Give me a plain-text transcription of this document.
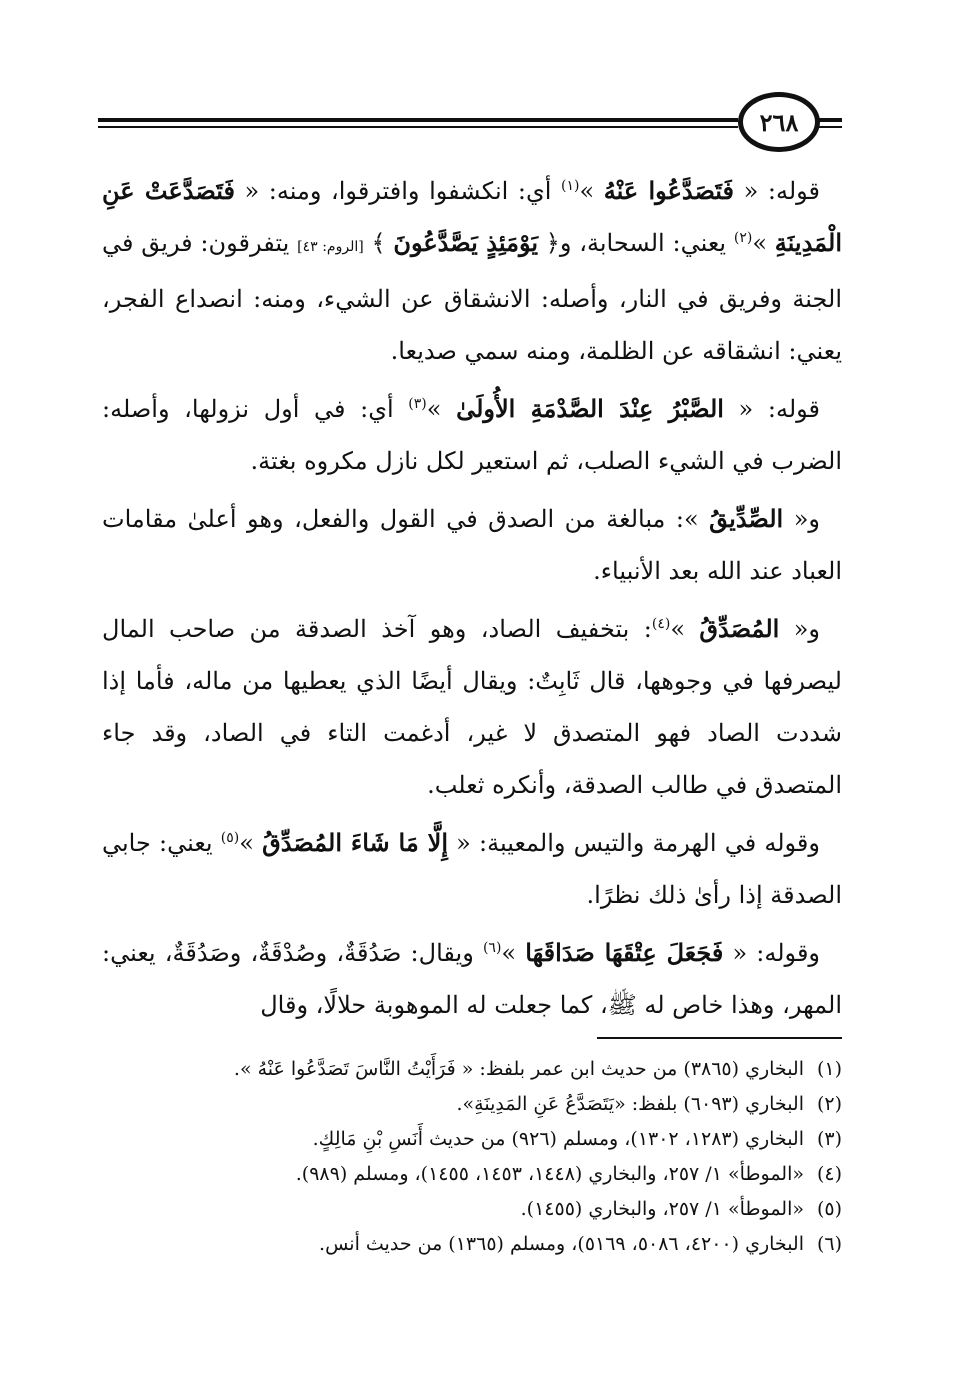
٢٦٨

قوله: « فَتَصَدَّعُوا عَنْهُ »$^{(١)}$ أي: انكشفوا وافترقوا، ومنه: « فَتَصَدَّعَتْ عَنِ الْمَدِينَةِ »$^{(٢)}$ يعني: السحابة، و﴿ يَوْمَئِذٍ يَصَّدَّعُونَ ﴾ [الروم: ٤٣] يتفرقون: فريق في الجنة وفريق في النار، وأصله: الانشقاق عن الشيء، ومنه: انصداع الفجر، يعني: انشقاقه عن الظلمة، ومنه سمي صديعا.

قوله: « الصَّبْرُ عِنْدَ الصَّدْمَةِ الأُولَىٰ »$^{(٣)}$ أي: في أول نزولها، وأصله: الضرب في الشيء الصلب، ثم استعير لكل نازل مكروه بغتة.

و« الصِّدِّيقُ »: مبالغة من الصدق في القول والفعل، وهو أعلىٰ مقامات العباد عند الله بعد الأنبياء.

و« المُصَدِّقُ »$^{(٤)}$: بتخفيف الصاد، وهو آخذ الصدقة من صاحب المال ليصرفها في وجوهها، قال ثَابِتٌ: ويقال أيضًا الذي يعطيها من ماله، فأما إذا شددت الصاد فهو المتصدق لا غير، أدغمت التاء في الصاد، وقد جاء المتصدق في طالب الصدقة، وأنكره ثعلب.

وقوله في الهرمة والتيس والمعيبة: « إِلَّا مَا شَاءَ المُصَدِّقُ »$^{(٥)}$ يعني: جابي الصدقة إذا رأىٰ ذلك نظرًا.

وقوله: « فَجَعَلَ عِتْقَهَا صَدَاقَهَا »$^{(٦)}$ ويقال: صَدُقَةٌ، وصُدْقَةٌ، وصَدُقَةٌ، يعني: المهر، وهذا خاص له ﷺ، كما جعلت له الموهوبة حلالًا، وقال

(١)البخاري (٣٨٦٥) من حديث ابن عمر بلفظ: « فَرَأَيْتُ النَّاسَ تَصَدَّعُوا عَنْهُ ».
(٢)البخاري (٦٠٩٣) بلفظ: «يَتَصَدَّعُ عَنِ المَدِينَةِ».
(٣)البخاري (١٢٨٣، ١٣٠٢)، ومسلم (٩٢٦) من حديث أَنَسِ بْنِ مَالِكٍ.
(٤)«الموطأ» ١/ ٢٥٧، والبخاري (١٤٤٨، ١٤٥٣، ١٤٥٥)، ومسلم (٩٨٩).
(٥)«الموطأ» ١/ ٢٥٧، والبخاري (١٤٥٥).
(٦)البخاري (٤٢٠٠، ٥٠٨٦، ٥١٦٩)، ومسلم (١٣٦٥) من حديث أنس.
